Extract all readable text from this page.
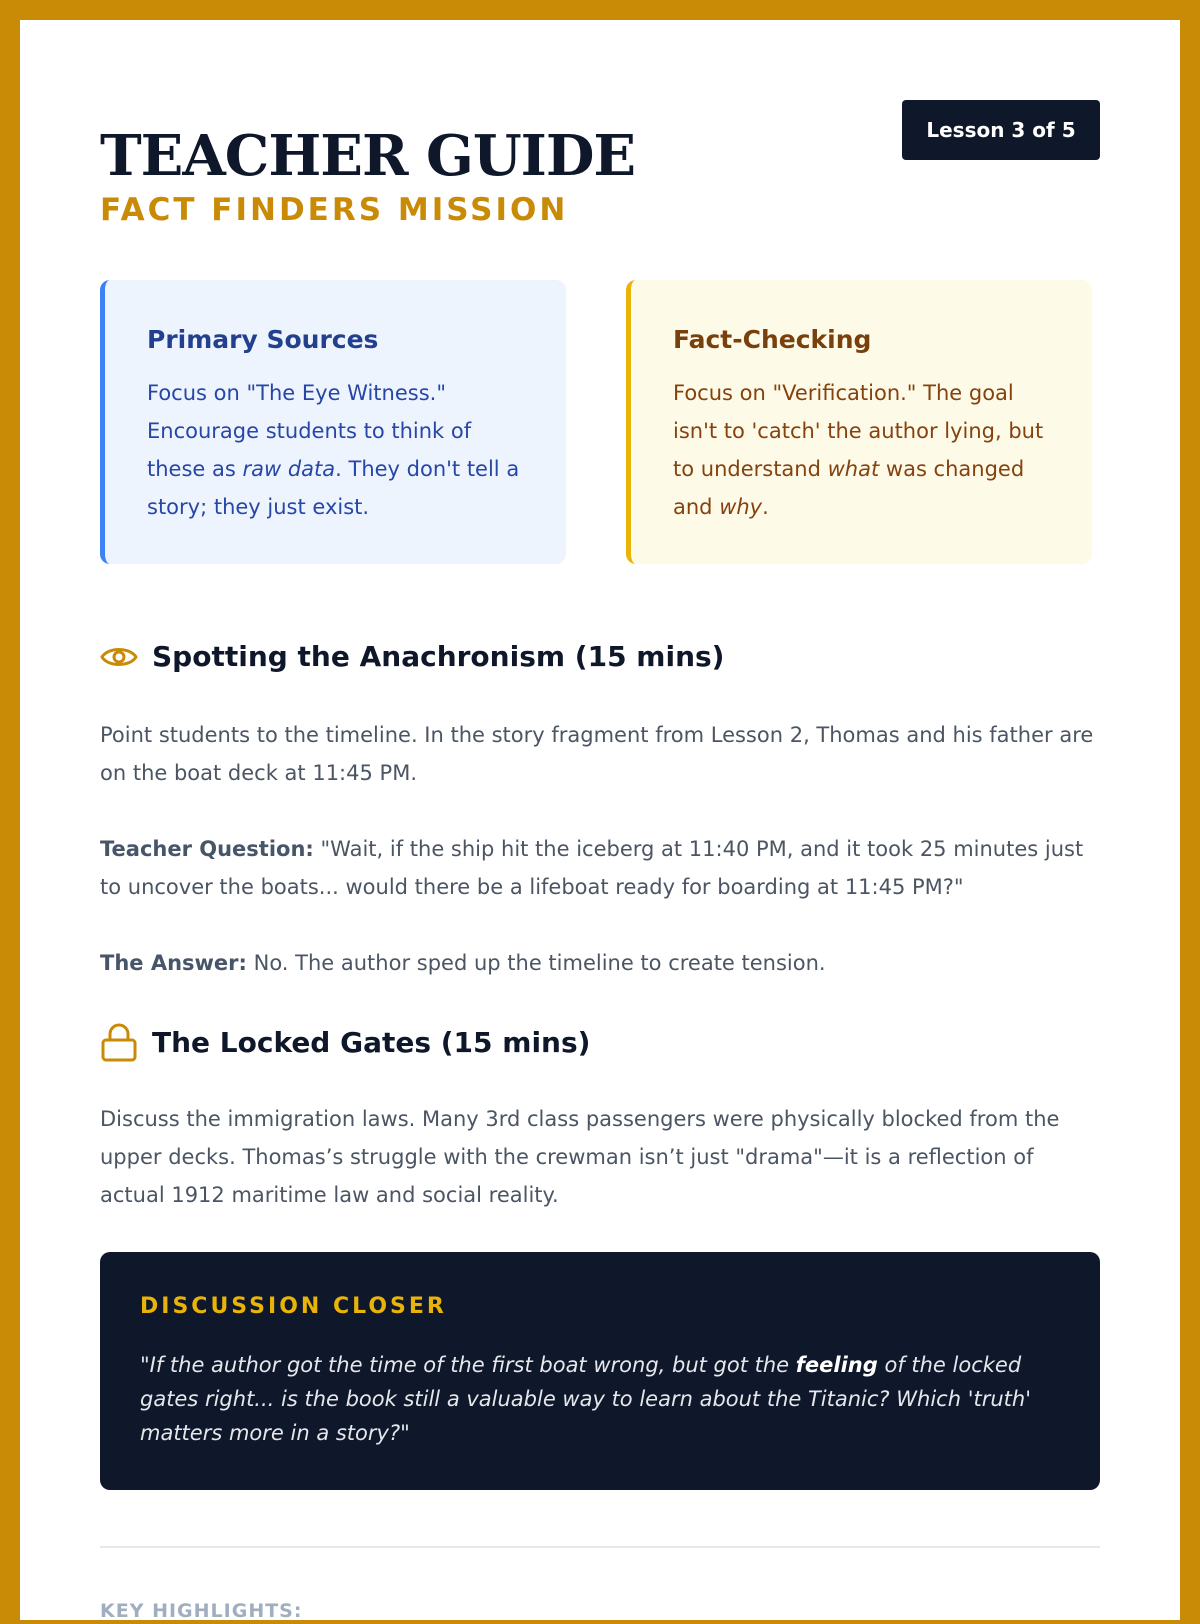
TEACHER GUIDE
FACT FINDERS MISSION
Lesson 3 of 5
Primary Sources

Focus on "The Eye Witness." Encourage students to think of these as raw data. They don't tell a story; they just exist.

Fact-Checking

Focus on "Verification." The goal isn't to 'catch' the author lying, but to understand what was changed and why.

Spotting the Anachronism (15 mins)

Point students to the timeline. In the story fragment from Lesson 2, Thomas and his father are on the boat deck at 11:45 PM.

Teacher Question: "Wait, if the ship hit the iceberg at 11:40 PM, and it took 25 minutes just to uncover the boats... would there be a lifeboat ready for boarding at 11:45 PM?"

The Answer: No. The author sped up the timeline to create tension.

The Locked Gates (15 mins)

Discuss the immigration laws. Many 3rd class passengers were physically blocked from the upper decks. Thomas’s struggle with the crewman isn’t just "drama"—it is a reflection of actual 1912 maritime law and social reality.

DISCUSSION CLOSER
"If the author got the time of the first boat wrong, but got the feeling of the locked gates right... is the book still a valuable way to learn about the Titanic? Which 'truth' matters more in a story?"
KEY HIGHLIGHTS:
